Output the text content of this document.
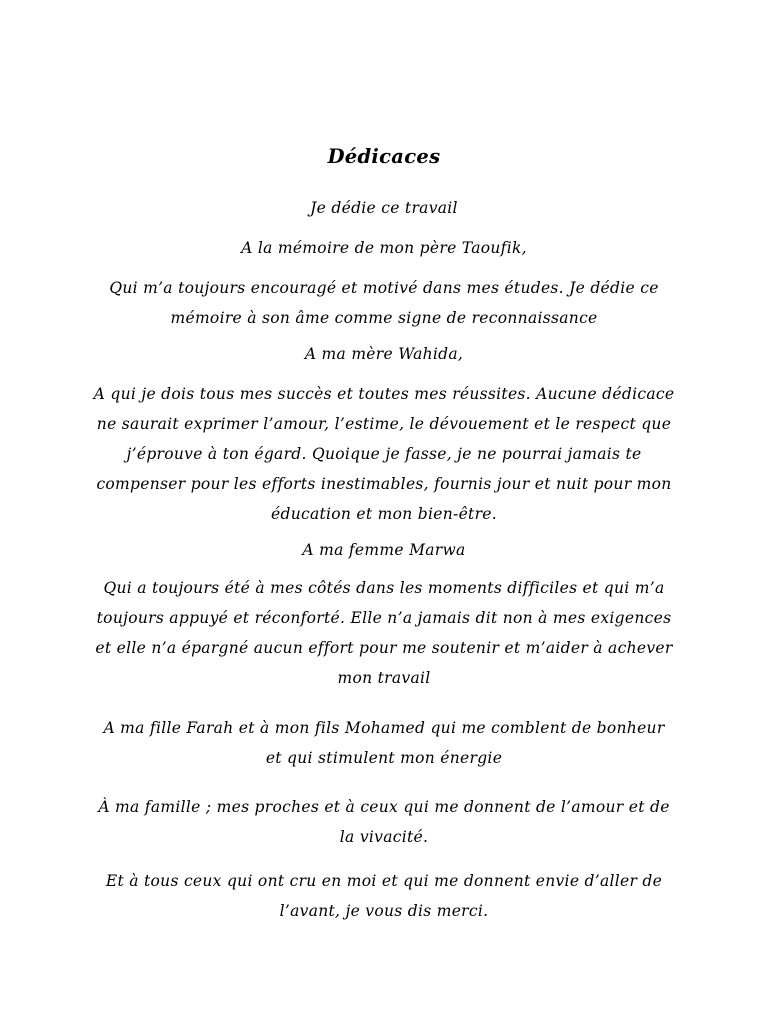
Dédicaces

Je dédie ce travail

A la mémoire de mon père Taoufik,

Qui m’a toujours encouragé et motivé dans mes études. Je dédie ce
mémoire à son âme comme signe de reconnaissance

A ma mère Wahida,

A qui je dois tous mes succès et toutes mes réussites. Aucune dédicace
ne saurait exprimer l’amour, l’estime, le dévouement et le respect que
j’éprouve à ton égard. Quoique je fasse, je ne pourrai jamais te
compenser pour les efforts inestimables, fournis jour et nuit pour mon
éducation et mon bien-être.

A ma femme Marwa

Qui a toujours été à mes côtés dans les moments difficiles et qui m’a
toujours appuyé et réconforté. Elle n’a jamais dit non à mes exigences
et elle n’a épargné aucun effort pour me soutenir et m’aider à achever
mon travail

A ma fille Farah et à mon fils Mohamed qui me comblent de bonheur
et qui stimulent mon énergie

À ma famille ; mes proches et à ceux qui me donnent de l’amour et de
la vivacité.

Et à tous ceux qui ont cru en moi et qui me donnent envie d’aller de
l’avant, je vous dis merci.
